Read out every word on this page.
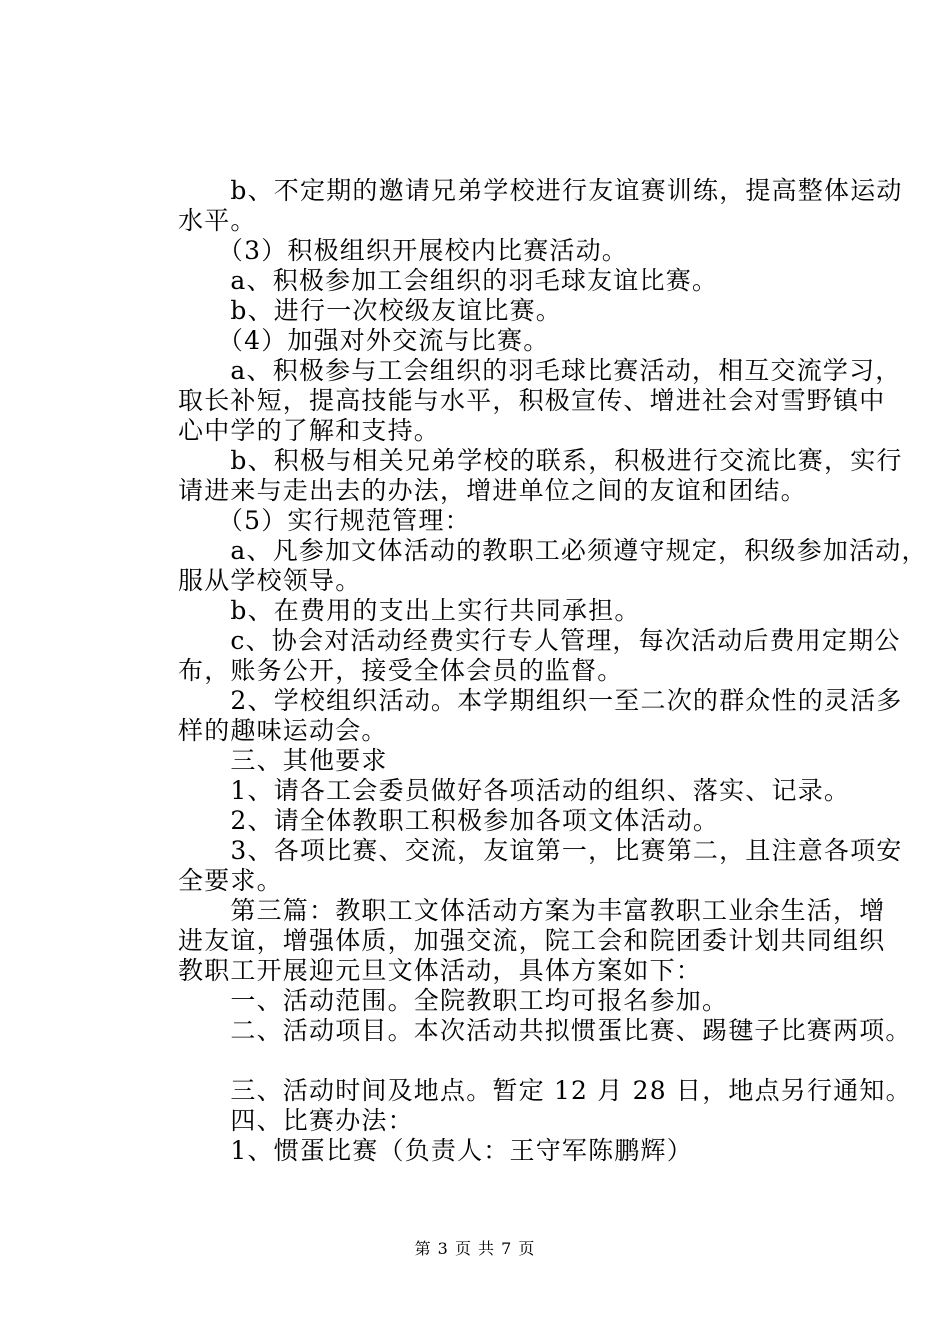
　　b、不定期的邀请兄弟学校进行友谊赛训练，提高整体运动
水平。
　　（3）积极组织开展校内比赛活动。
　　a、积极参加工会组织的羽毛球友谊比赛。
　　b、进行一次校级友谊比赛。
　　（4）加强对外交流与比赛。
　　a、积极参与工会组织的羽毛球比赛活动，相互交流学习，
取长补短，提高技能与水平，积极宣传、增进社会对雪野镇中
心中学的了解和支持。
　　b、积极与相关兄弟学校的联系，积极进行交流比赛，实行
请进来与走出去的办法，增进单位之间的友谊和团结。
　　（5）实行规范管理：
　　a、凡参加文体活动的教职工必须遵守规定，积级参加活动，
服从学校领导。
　　b、在费用的支出上实行共同承担。
　　c、协会对活动经费实行专人管理，每次活动后费用定期公
布，账务公开，接受全体会员的监督。
　　2、学校组织活动。本学期组织一至二次的群众性的灵活多
样的趣味运动会。
　　三、其他要求
　　1、请各工会委员做好各项活动的组织、落实、记录。
　　2、请全体教职工积极参加各项文体活动。
　　3、各项比赛、交流，友谊第一，比赛第二，且注意各项安
全要求。
　　第三篇：教职工文体活动方案为丰富教职工业余生活，增
进友谊，增强体质，加强交流，院工会和院团委计划共同组织
教职工开展迎元旦文体活动，具体方案如下：
　　一、活动范围。全院教职工均可报名参加。
　　二、活动项目。本次活动共拟惯蛋比赛、踢毽子比赛两项。
　　三、活动时间及地点。暂定 12 月 28 日，地点另行通知。
　　四、比赛办法：
　　1、惯蛋比赛（负责人：王守军陈鹏辉）
第 3 页 共 7 页
